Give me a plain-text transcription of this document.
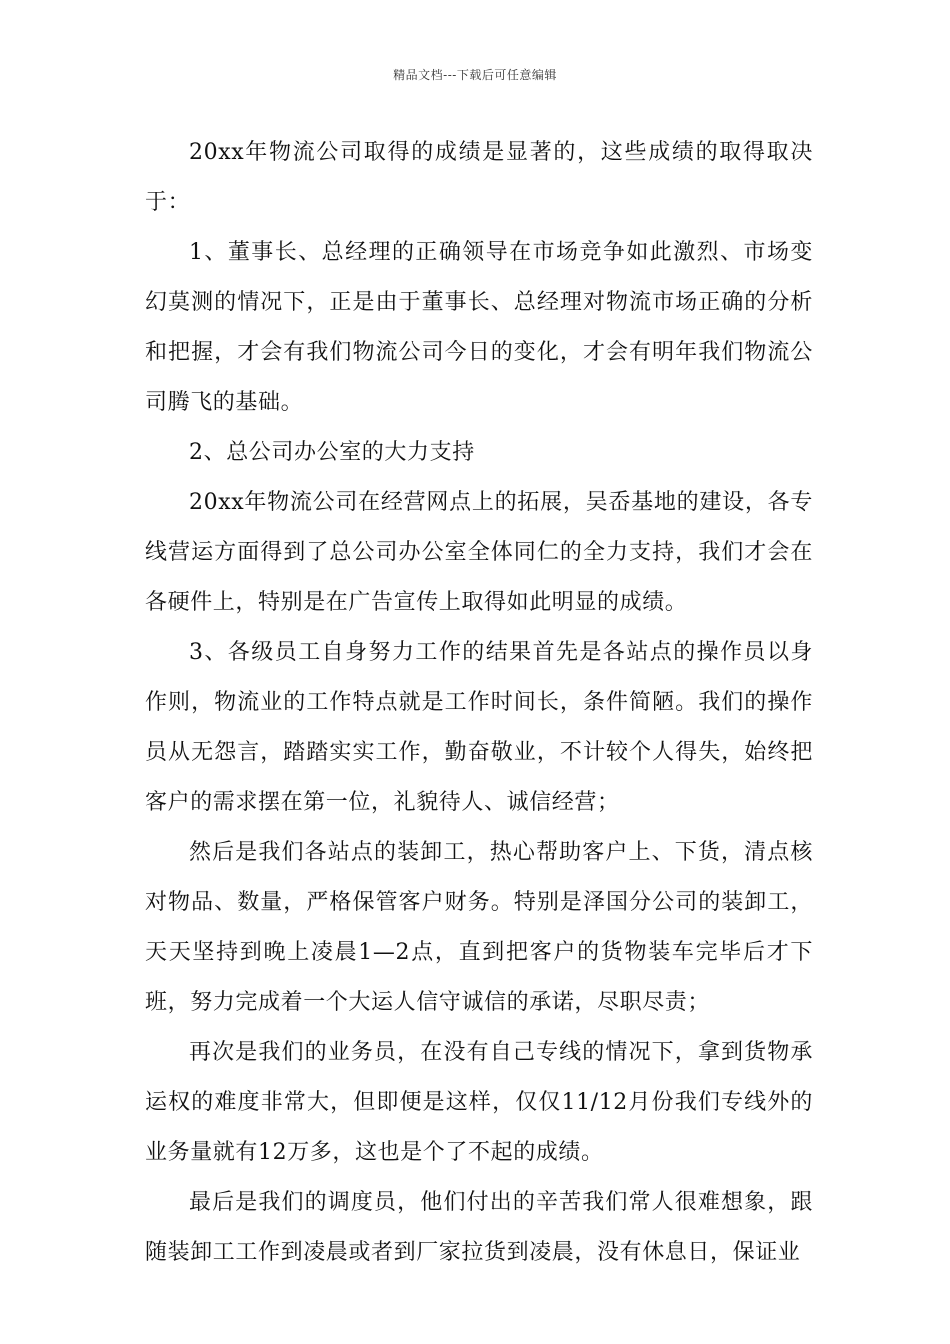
精品文档---下载后可任意编辑

20xx年物流公司取得的成绩是显著的，这些成绩的取得取决于：

1、董事长、总经理的正确领导在市场竞争如此激烈、市场变幻莫测的情况下，正是由于董事长、总经理对物流市场正确的分析和把握，才会有我们物流公司今日的变化，才会有明年我们物流公司腾飞的基础。

2、总公司办公室的大力支持

20xx年物流公司在经营网点上的拓展，吴岙基地的建设，各专线营运方面得到了总公司办公室全体同仁的全力支持，我们才会在各硬件上，特别是在广告宣传上取得如此明显的成绩。

3、各级员工自身努力工作的结果首先是各站点的操作员以身作则，物流业的工作特点就是工作时间长，条件简陋。我们的操作员从无怨言，踏踏实实工作，勤奋敬业，不计较个人得失，始终把客户的需求摆在第一位，礼貌待人、诚信经营；

然后是我们各站点的装卸工，热心帮助客户上、下货，清点核对物品、数量，严格保管客户财务。特别是泽国分公司的装卸工，天天坚持到晚上凌晨1—2点，直到把客户的货物装车完毕后才下班，努力完成着一个大运人信守诚信的承诺，尽职尽责；

再次是我们的业务员，在没有自己专线的情况下，拿到货物承运权的难度非常大，但即便是这样，仅仅11/12月份我们专线外的业务量就有12万多，这也是个了不起的成绩。

最后是我们的调度员，他们付出的辛苦我们常人很难想象，跟随装卸工工作到凌晨或者到厂家拉货到凌晨，没有休息日，保证业
